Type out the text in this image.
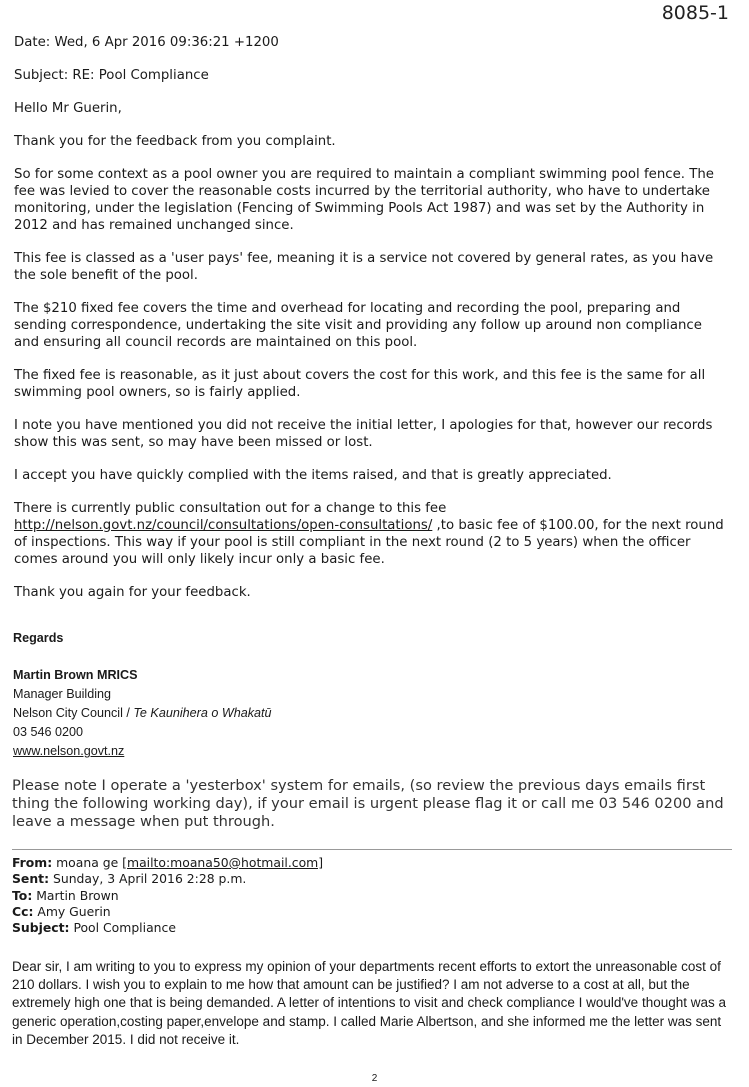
8085-1

Date: Wed, 6 Apr 2016 09:36:21 +1200

Subject: RE: Pool Compliance

Hello Mr Guerin,

Thank you for the feedback from you complaint.

So for some context as a pool owner you are required to maintain a compliant swimming pool fence. The fee was levied to cover the reasonable costs incurred by the territorial authority, who have to undertake monitoring, under the legislation (Fencing of Swimming Pools Act 1987) and was set by the Authority in 2012 and has remained unchanged since.

This fee is classed as a 'user pays' fee, meaning it is a service not covered by general rates, as you have the sole benefit of the pool.

The $210 fixed fee covers the time and overhead for locating and recording the pool, preparing and sending correspondence, undertaking the site visit and providing any follow up around non compliance and ensuring all council records are maintained on this pool.

The fixed fee is reasonable, as it just about covers the cost for this work, and this fee is the same for all swimming pool owners, so is fairly applied.

I note you have mentioned you did not receive the initial letter, I apologies for that, however our records show this was sent, so may have been missed or lost.

I accept you have quickly complied with the items raised, and that is greatly appreciated.

There is currently public consultation out for a change to this fee
http://nelson.govt.nz/council/consultations/open-consultations/ ,to basic fee of $100.00, for the next round of inspections. This way if your pool is still compliant in the next round (2 to 5 years) when the officer comes around you will only likely incur only a basic fee.

Thank you again for your feedback.

Regards
Martin Brown MRICS
Manager Building
Nelson City Council / Te Kaunihera o Whakatū
03 546 0200
www.nelson.govt.nz
Please note I operate a 'yesterbox' system for emails, (so review the previous days emails first thing the following working day), if your email is urgent please flag it or call me 03 546 0200 and leave a message when put through.
From: moana ge [mailto:moana50@hotmail.com]
Sent: Sunday, 3 April 2016 2:28 p.m.
To: Martin Brown
Cc: Amy Guerin
Subject: Pool Compliance
Dear sir, I am writing to you to express my opinion of your departments recent efforts to extort the unreasonable cost of 210 dollars. I wish you to explain to me how that amount can be justified? I am not adverse to a cost at all, but the extremely high one that is being demanded. A letter of intentions to visit and check compliance I would've thought was a generic operation,costing paper,envelope and stamp. I called Marie Albertson, and she informed me the letter was sent in December 2015. I did not receive it.
2
